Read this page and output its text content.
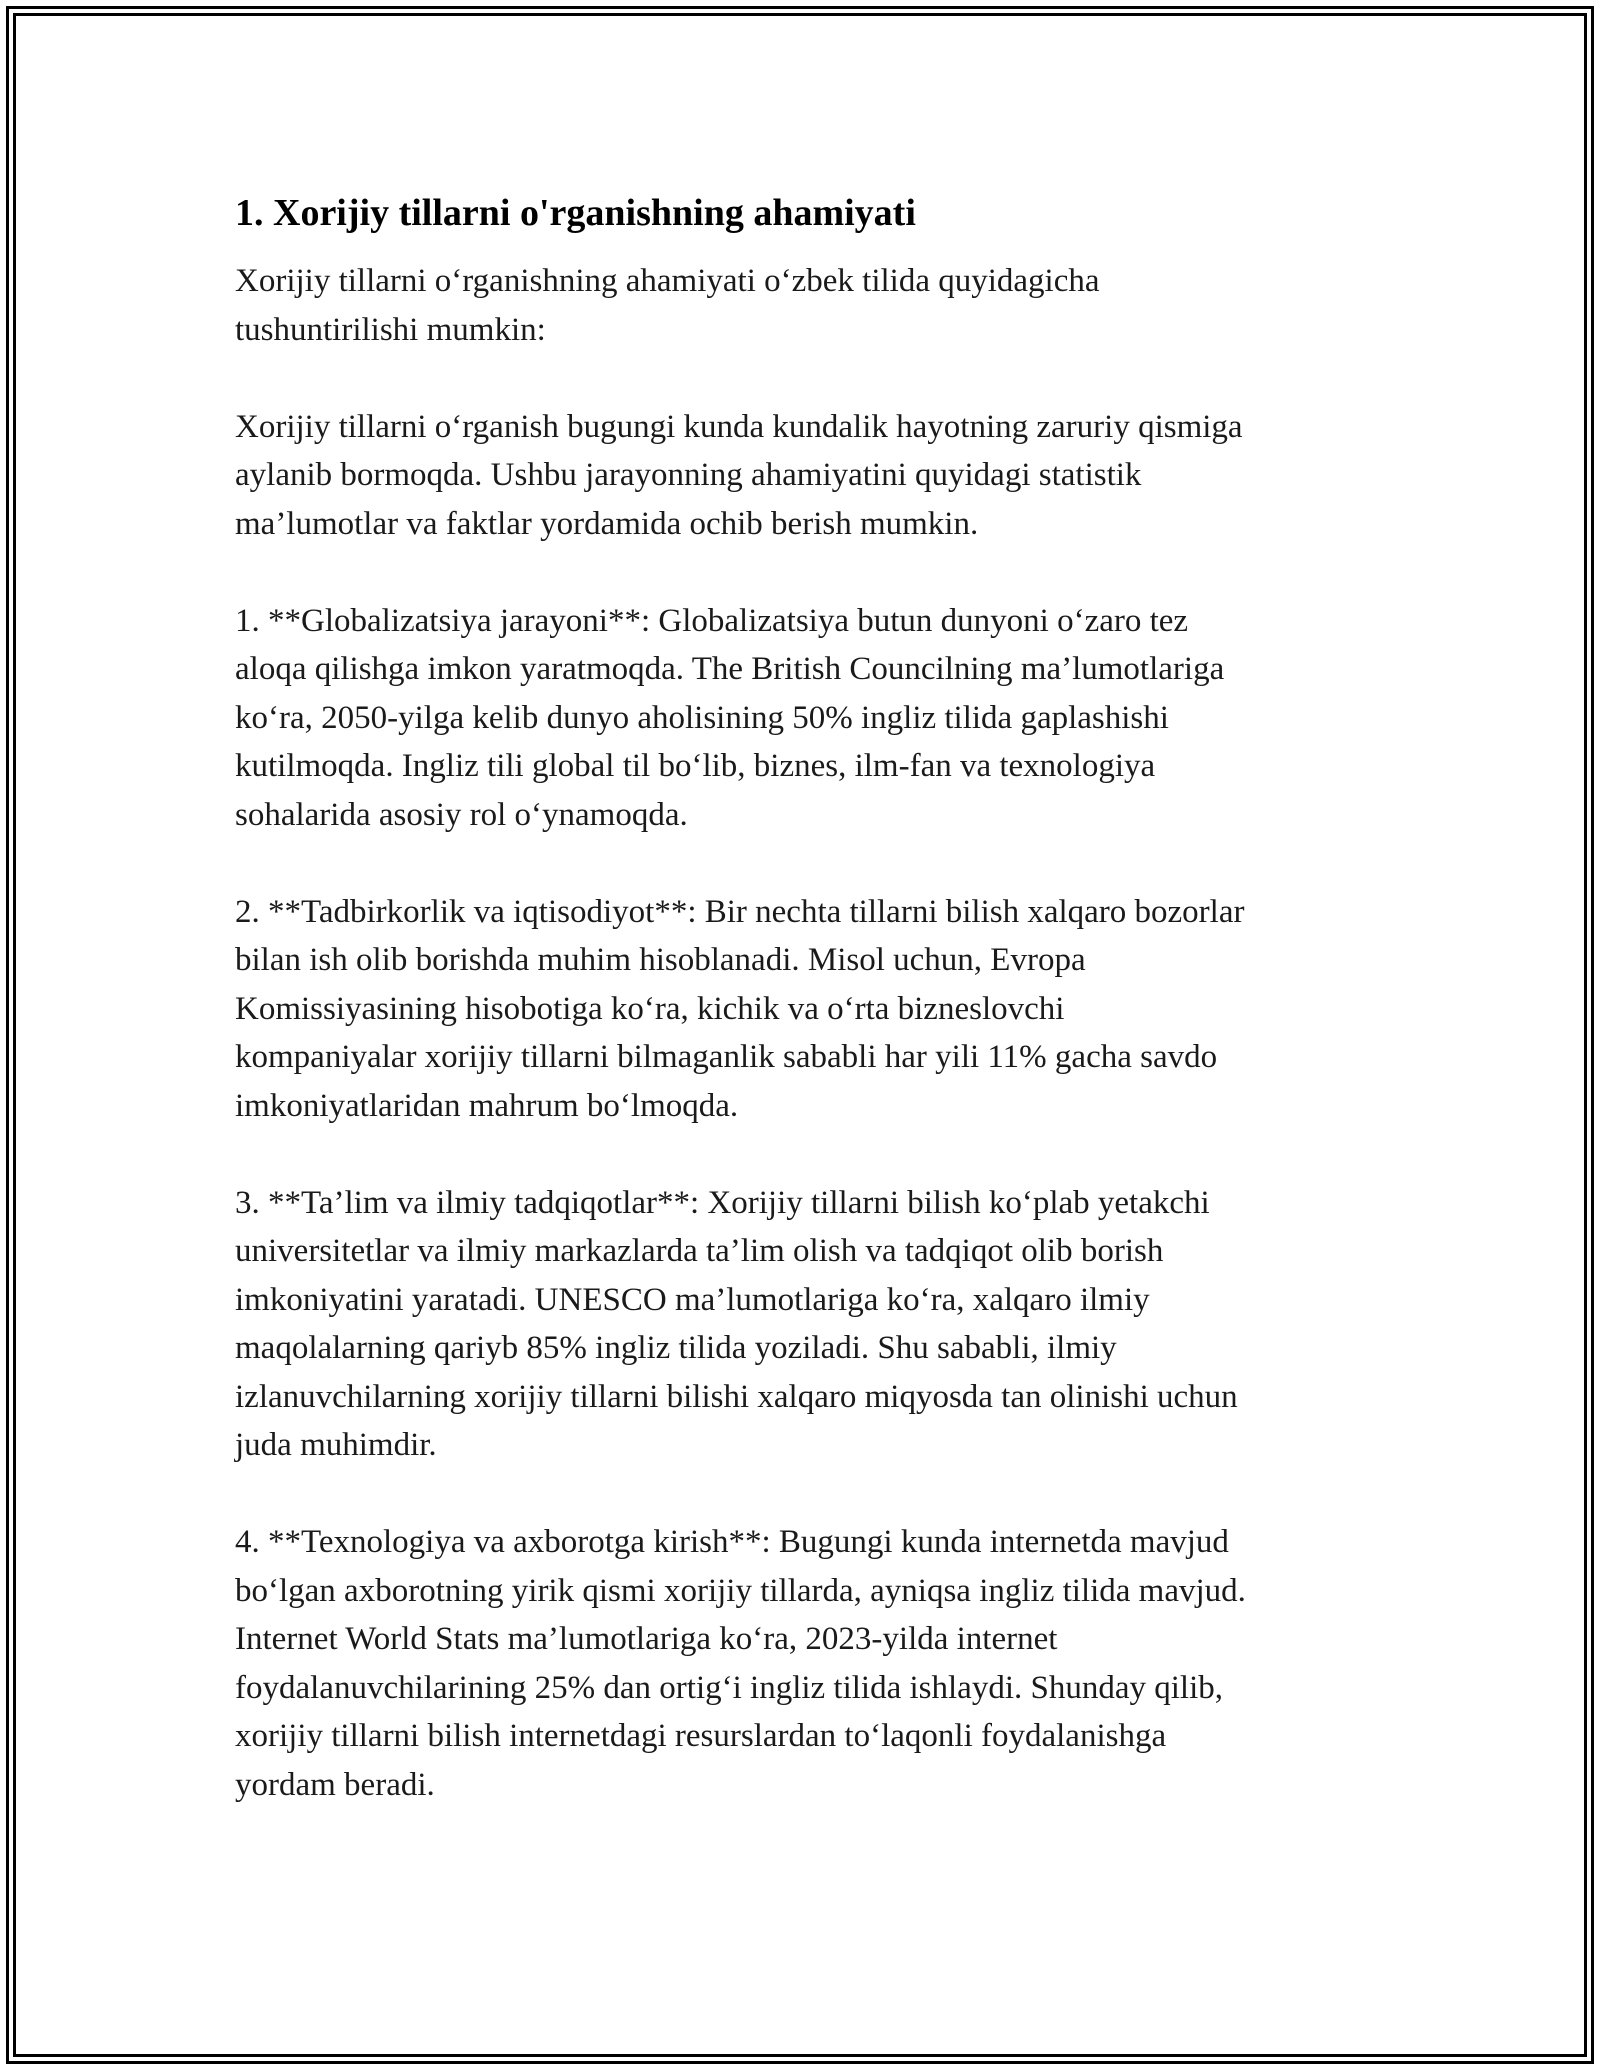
1. Xorijiy tillarni o'rganishning ahamiyati
Xorijiy tillarni o‘rganishning ahamiyati o‘zbek tilida quyidagicha
tushuntirilishi mumkin:
Xorijiy tillarni o‘rganish bugungi kunda kundalik hayotning zaruriy qismiga
aylanib bormoqda. Ushbu jarayonning ahamiyatini quyidagi statistik
ma’lumotlar va faktlar yordamida ochib berish mumkin.
1. **Globalizatsiya jarayoni**: Globalizatsiya butun dunyoni o‘zaro tez
aloqa qilishga imkon yaratmoqda. The British Councilning ma’lumotlariga
ko‘ra, 2050-yilga kelib dunyo aholisining 50% ingliz tilida gaplashishi
kutilmoqda. Ingliz tili global til bo‘lib, biznes, ilm-fan va texnologiya
sohalarida asosiy rol o‘ynamoqda.
2. **Tadbirkorlik va iqtisodiyot**: Bir nechta tillarni bilish xalqaro bozorlar
bilan ish olib borishda muhim hisoblanadi. Misol uchun, Evropa
Komissiyasining hisobotiga ko‘ra, kichik va o‘rta bizneslovchi
kompaniyalar xorijiy tillarni bilmaganlik sababli har yili 11% gacha savdo
imkoniyatlaridan mahrum bo‘lmoqda.
3. **Ta’lim va ilmiy tadqiqotlar**: Xorijiy tillarni bilish ko‘plab yetakchi
universitetlar va ilmiy markazlarda ta’lim olish va tadqiqot olib borish
imkoniyatini yaratadi. UNESCO ma’lumotlariga ko‘ra, xalqaro ilmiy
maqolalarning qariyb 85% ingliz tilida yoziladi. Shu sababli, ilmiy
izlanuvchilarning xorijiy tillarni bilishi xalqaro miqyosda tan olinishi uchun
juda muhimdir.
4. **Texnologiya va axborotga kirish**: Bugungi kunda internetda mavjud
bo‘lgan axborotning yirik qismi xorijiy tillarda, ayniqsa ingliz tilida mavjud.
Internet World Stats ma’lumotlariga ko‘ra, 2023-yilda internet
foydalanuvchilarining 25% dan ortig‘i ingliz tilida ishlaydi. Shunday qilib,
xorijiy tillarni bilish internetdagi resurslardan to‘laqonli foydalanishga
yordam beradi.
